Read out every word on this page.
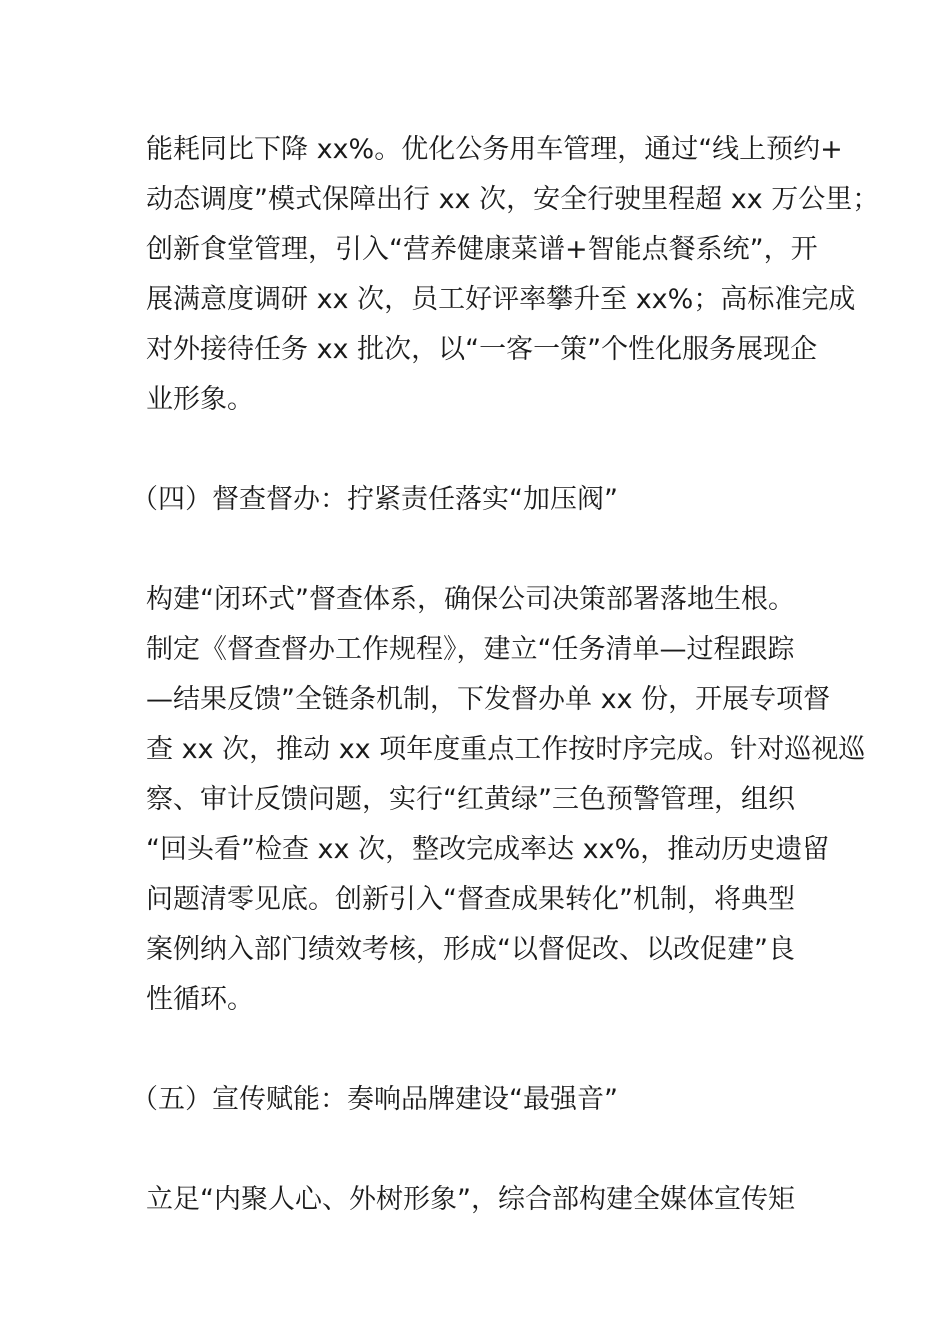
能耗同比下降 xx%。优化公务用车管理，通过“线上预约+
动态调度”模式保障出行 xx 次，安全行驶里程超 xx 万公里；
创新食堂管理，引入“营养健康菜谱+智能点餐系统”，开
展满意度调研 xx 次，员工好评率攀升至 xx%；高标准完成
对外接待任务 xx 批次，以“一客一策”个性化服务展现企
业形象。
（四）督查督办：拧紧责任落实“加压阀”
构建“闭环式”督查体系，确保公司决策部署落地生根。
制定《督查督办工作规程》，建立“任务清单—过程跟踪
—结果反馈”全链条机制，下发督办单 xx 份，开展专项督
查 xx 次，推动 xx 项年度重点工作按时序完成。针对巡视巡
察、审计反馈问题，实行“红黄绿”三色预警管理，组织
“回头看”检查 xx 次，整改完成率达 xx%，推动历史遗留
问题清零见底。创新引入“督查成果转化”机制，将典型
案例纳入部门绩效考核，形成“以督促改、以改促建”良
性循环。
（五）宣传赋能：奏响品牌建设“最强音”
立足“内聚人心、外树形象”，综合部构建全媒体宣传矩
